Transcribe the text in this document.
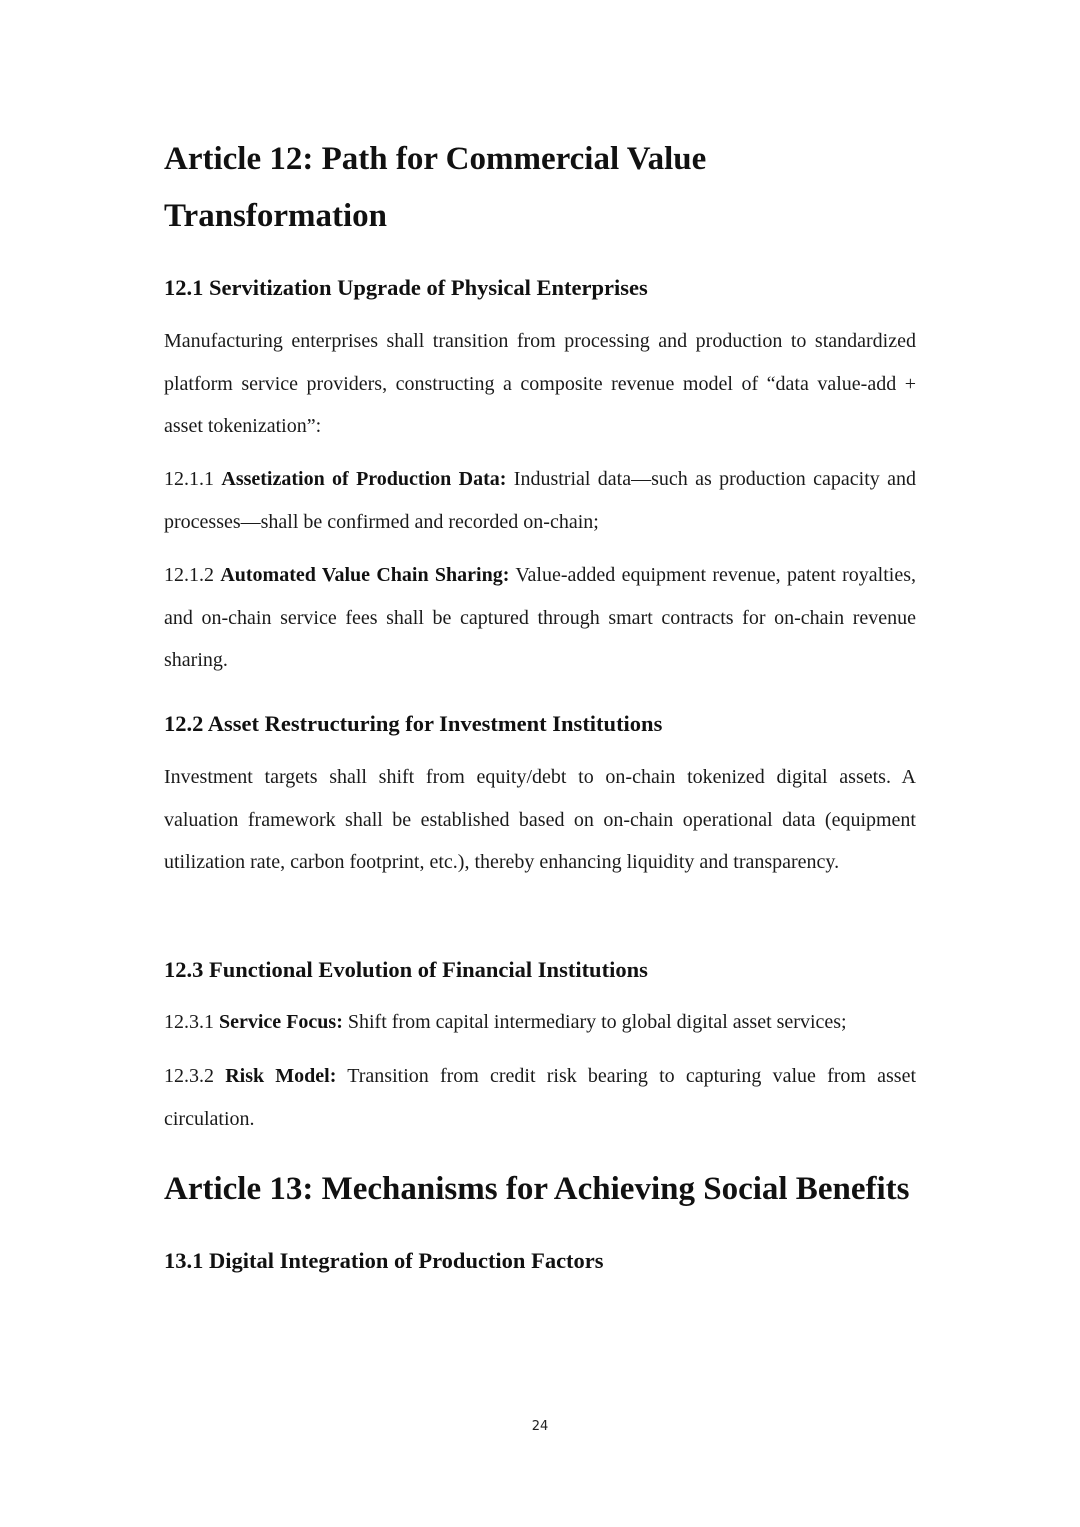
Article 12: Path for Commercial Value Transformation
12.1 Servitization Upgrade of Physical Enterprises

Manufacturing enterprises shall transition from processing and production to standardized platform service providers, constructing a composite revenue model of “data value-add + asset tokenization”:

12.1.1 Assetization of Production Data: Industrial data—such as production capacity and processes—shall be confirmed and recorded on-chain;

12.1.2 Automated Value Chain Sharing: Value-added equipment revenue, patent royalties, and on-chain service fees shall be captured through smart contracts for on-chain revenue sharing.

12.2 Asset Restructuring for Investment Institutions

Investment targets shall shift from equity/debt to on-chain tokenized digital assets. A valuation framework shall be established based on on-chain operational data (equipment utilization rate, carbon footprint, etc.), thereby enhancing liquidity and transparency.

12.3 Functional Evolution of Financial Institutions

12.3.1 Service Focus: Shift from capital intermediary to global digital asset services;

12.3.2 Risk Model: Transition from credit risk bearing to capturing value from asset circulation.

Article 13: Mechanisms for Achieving Social Benefits
13.1 Digital Integration of Production Factors
24
